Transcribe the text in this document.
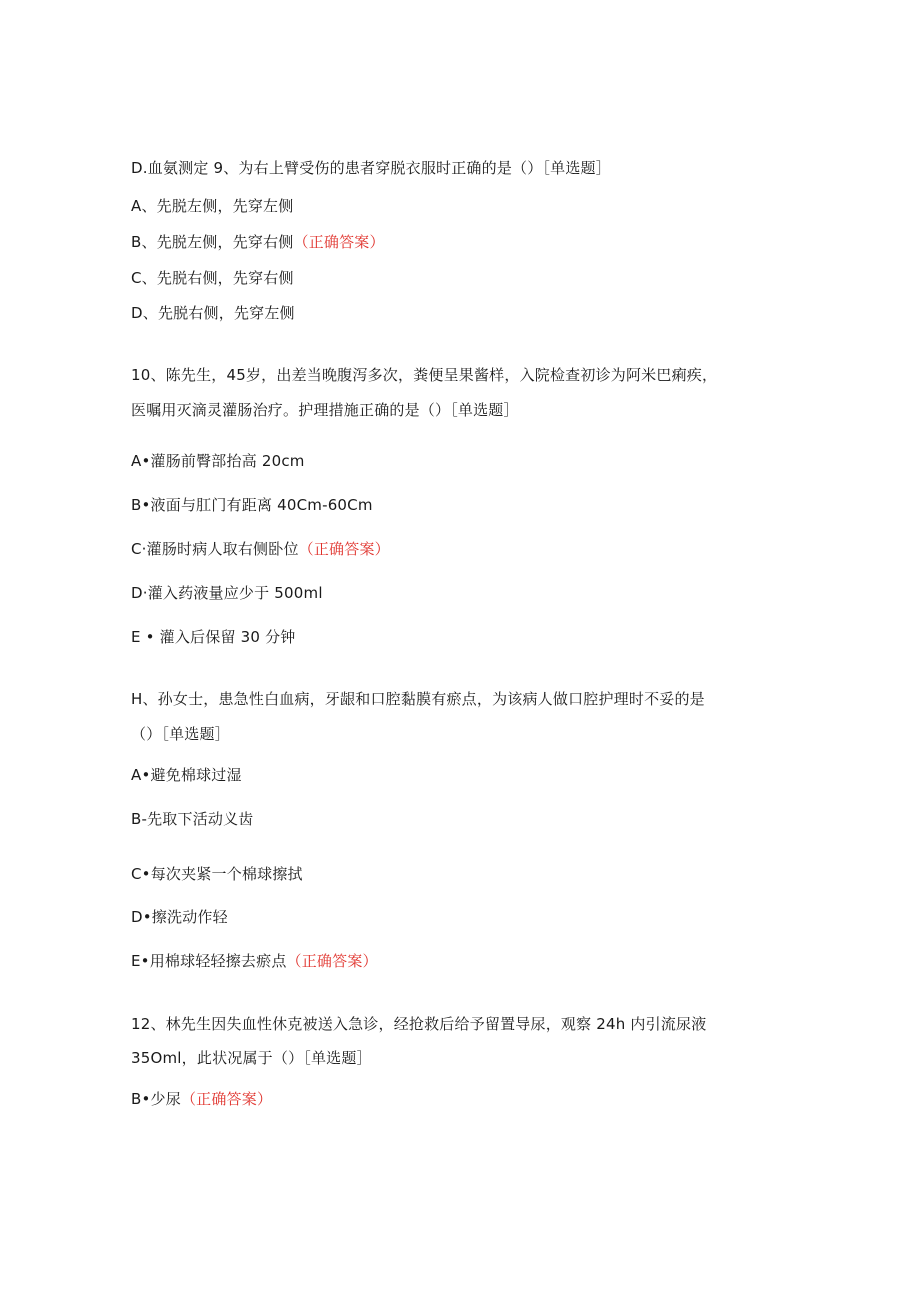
D.血氨测定 9、为右上臂受伤的患者穿脱衣服时正确的是（）［单选题］
A、先脱左侧，先穿左侧
B、先脱左侧，先穿右侧（正确答案）
C、先脱右侧，先穿右侧
D、先脱右侧，先穿左侧
10、陈先生，45岁，出差当晚腹泻多次，粪便呈果酱样，入院检查初诊为阿米巴痢疾，
医嘱用灭滴灵灌肠治疗。护理措施正确的是（）［单选题］
A•灌肠前臀部抬高 20cm
B•液面与肛门有距离 40Cm-60Cm
C·灌肠时病人取右侧卧位（正确答案）
D·灌入药液量应少于 500ml
E • 灌入后保留 30 分钟
H、孙女士，患急性白血病，牙龈和口腔黏膜有瘀点，为该病人做口腔护理时不妥的是
（）［单选题］
A•避免棉球过湿
B-先取下活动义齿
C•每次夹紧一个棉球擦拭
D•擦洗动作轻
E•用棉球轻轻擦去瘀点（正确答案）
12、林先生因失血性休克被送入急诊，经抢救后给予留置导尿，观察 24h 内引流尿液
35Oml，此状况属于（）［单选题］
B•少尿（正确答案）
